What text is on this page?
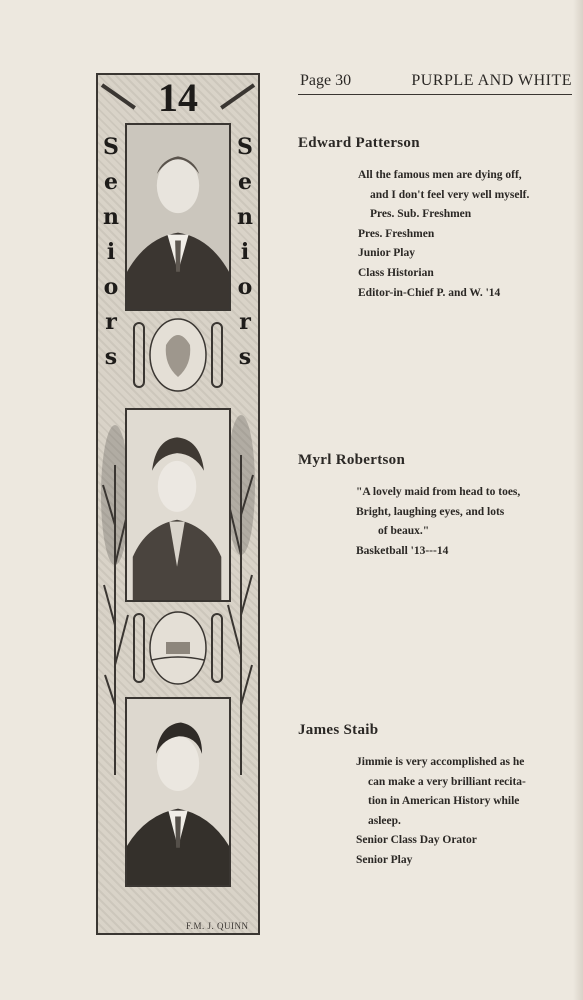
Page 30	PURPLE AND WHITE
14
S
e
n
i
o
r
s
S
e
n
i
o
r
s
F.M. J. QUINN
Edward Patterson
All the famous men are dying off,
and I don't feel very well myself.
Pres. Sub. Freshmen
Pres. Freshmen
Junior Play
Class Historian
Editor-in-Chief P. and W. '14
Myrl Robertson
"A lovely maid from head to toes,
Bright, laughing eyes, and lots
of beaux."
Basketball '13---14
James Staib
Jimmie is very accomplished as he
can make a very brilliant recita-
tion in American History while
asleep.
Senior Class Day Orator
Senior Play
